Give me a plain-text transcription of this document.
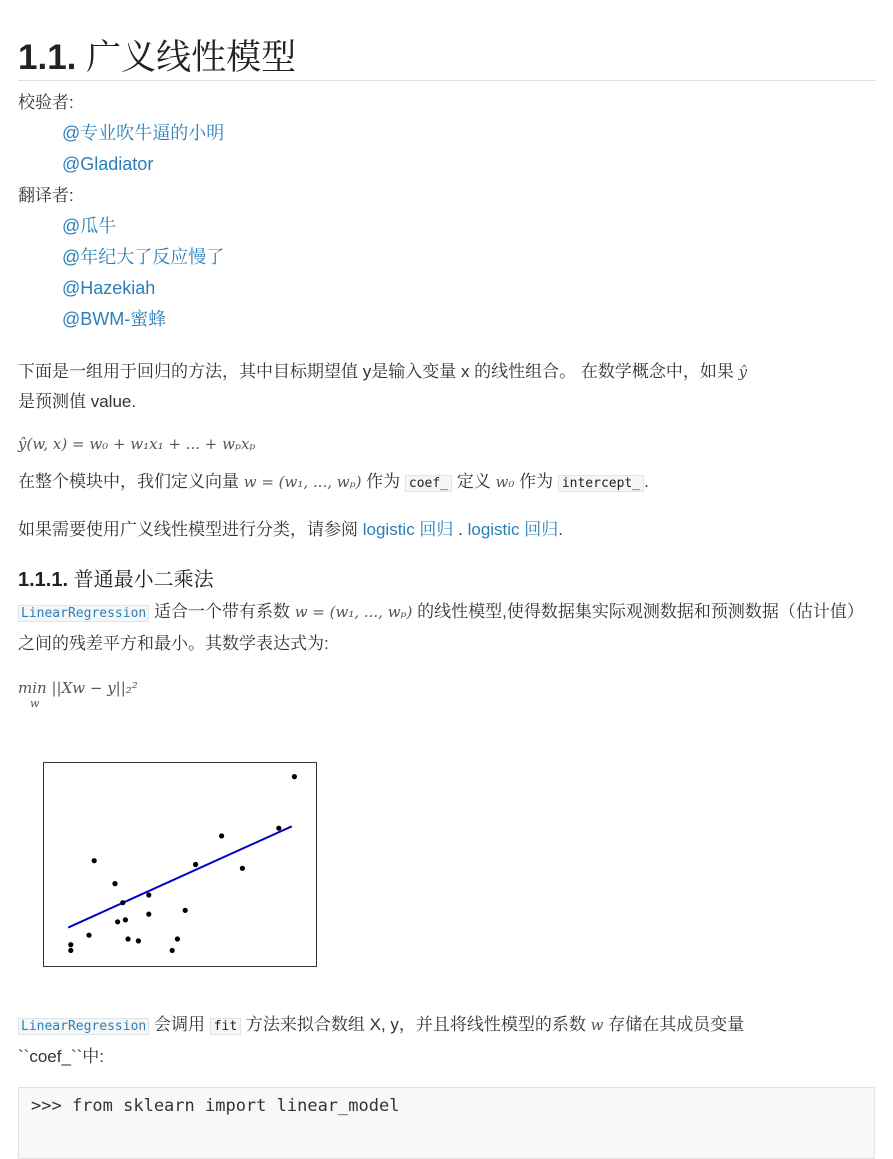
1.1. 广义线性模型

校验者:

@专业吹牛逼的小明
@Gladiator

翻译者:

@瓜牛
@年纪大了反应慢了
@Hazekiah
@BWM-蜜蜂

下面是一组用于回归的方法，其中目标期望值 y是输入变量 x 的线性组合。 在数学概念中，如果 ŷ
是预测值 value.

ŷ(w, x) = w₀ + w₁x₁ + ... + wₚxₚ

在整个模块中，我们定义向量 w = (w₁, ..., wₚ) 作为 coef_ 定义 w₀ 作为 intercept_ .

如果需要使用广义线性模型进行分类，请参阅 logistic 回归 . logistic 回归.

1.1.1. 普通最小二乘法

LinearRegression 适合一个带有系数 w = (w₁, ..., wₚ) 的线性模型,使得数据集实际观测数据和预测数据（估计值）之间的残差平方和最小。其数学表达式为:

min
w
||Xw − y||₂²

LinearRegression 会调用 fit 方法来拟合数组 X, y，并且将线性模型的系数 w 存储在其成员变量
``coef_``中:

>>> from sklearn import linear_model
